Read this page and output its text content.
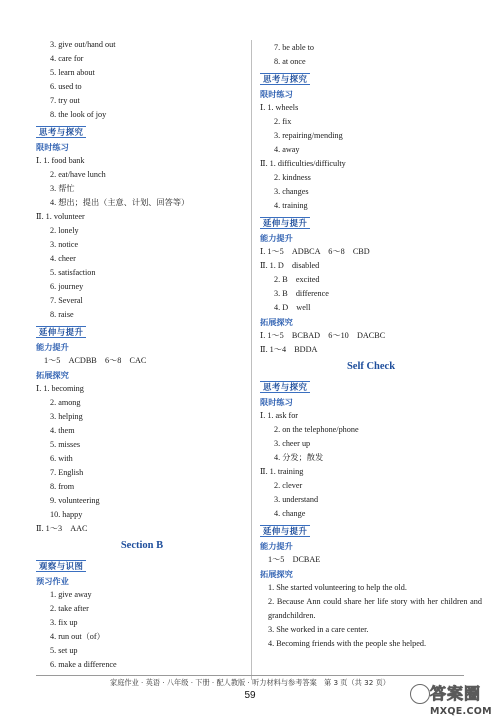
3. give out/hand out
4. care for
5. learn about
6. used to
7. try out
8. the look of joy
思考与探究
限时练习
Ⅰ. 1. food bank
2. eat/have lunch
3. 帮忙
4. 想出；提出（主意、计划、回答等）
Ⅱ. 1. volunteer
2. lonely
3. notice
4. cheer
5. satisfaction
6. journey
7. Several
8. raise
延伸与提升
能力提升
1～5　ACDBB　6～8　CAC
拓展探究
Ⅰ. 1. becoming
2. among
3. helping
4. them
5. misses
6. with
7. English
8. from
9. volunteering
10. happy
Ⅱ. 1～3　AAC
Section B
观察与识图
预习作业
1. give away
2. take after
3. fix up
4. run out（of）
5. set up
6. make a difference
7. be able to
8. at once
思考与探究
限时练习
Ⅰ. 1. wheels
2. fix
3. repairing/mending
4. away
Ⅱ. 1. difficulties/difficulty
2. kindness
3. changes
4. training
延伸与提升
能力提升
Ⅰ. 1～5　ADBCA　6～8　CBD
Ⅱ. 1. D　disabled
2. B　excited
3. B　difference
4. D　well
拓展探究
Ⅰ. 1～5　BCBAD　6～10　DACBC
Ⅱ. 1～4　BDDA
Self Check
思考与探究
限时练习
Ⅰ. 1. ask for
2. on the telephone/phone
3. cheer up
4. 分发；散发
Ⅱ. 1. training
2. clever
3. understand
4. change
延伸与提升
能力提升
1～5　DCBAE
拓展探究
1. She started volunteering to help the old.
2. Because Ann could share her life story with her children and grandchildren.
3. She worked in a care center.
4. Becoming friends with the people she helped.
家庭作业 · 英语 · 八年级 · 下册 · 配人教版 · 听力材料与参考答案　第 3 页（共 32 页）
59	答案圈
MXQE.COM
